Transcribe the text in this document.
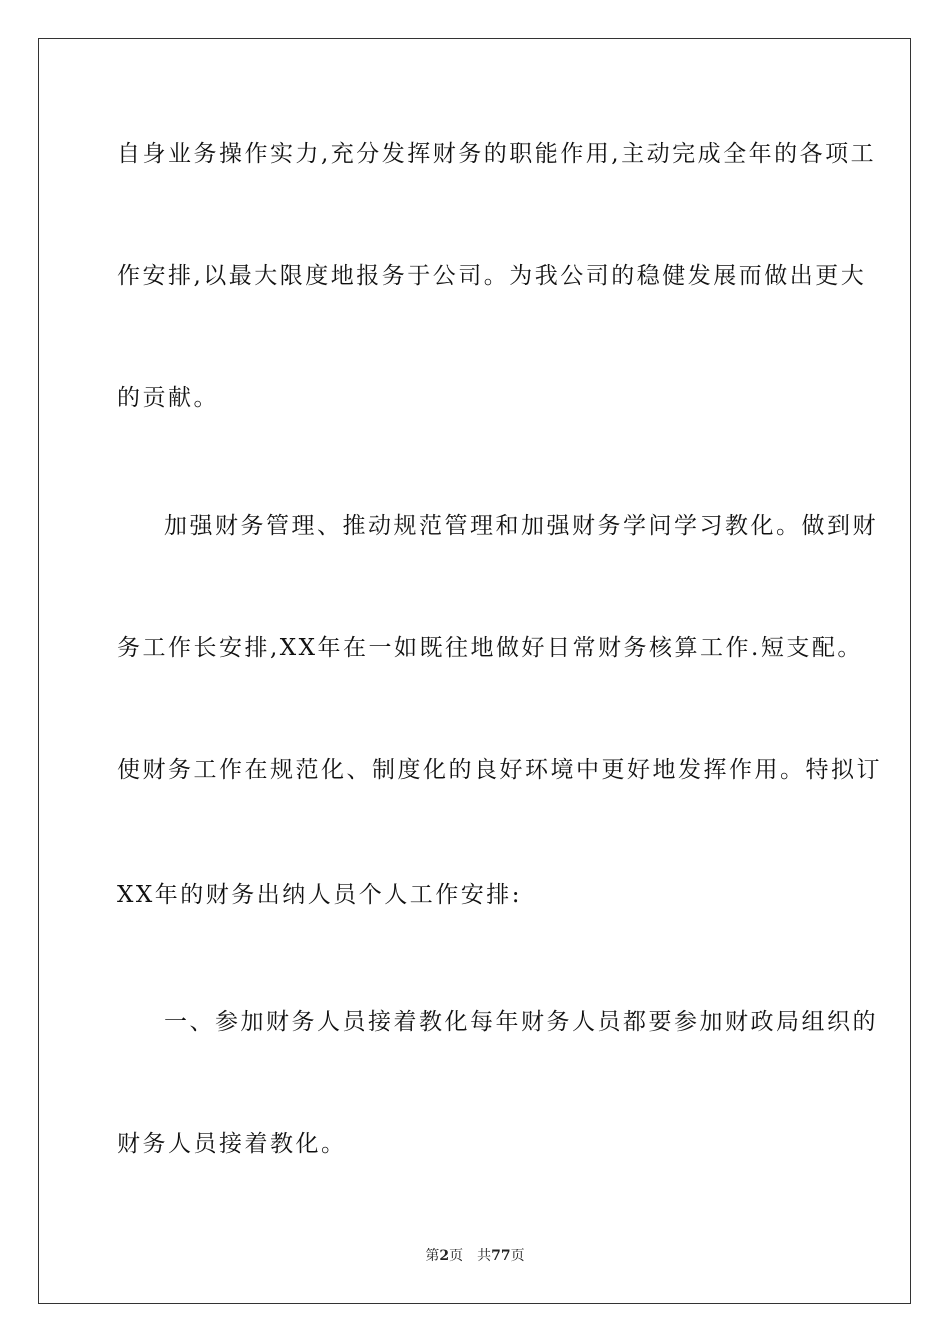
自身业务操作实力,充分发挥财务的职能作用,主动完成全年的各项工
作安排,以最大限度地报务于公司。为我公司的稳健发展而做出更大
的贡献。
加强财务管理、推动规范管理和加强财务学问学习教化。做到财
务工作长安排,XX年在一如既往地做好日常财务核算工作.短支配。
使财务工作在规范化、制度化的良好环境中更好地发挥作用。特拟订
XX年的财务出纳人员个人工作安排:
一、参加财务人员接着教化每年财务人员都要参加财政局组织的
财务人员接着教化。
第2页 共77页
